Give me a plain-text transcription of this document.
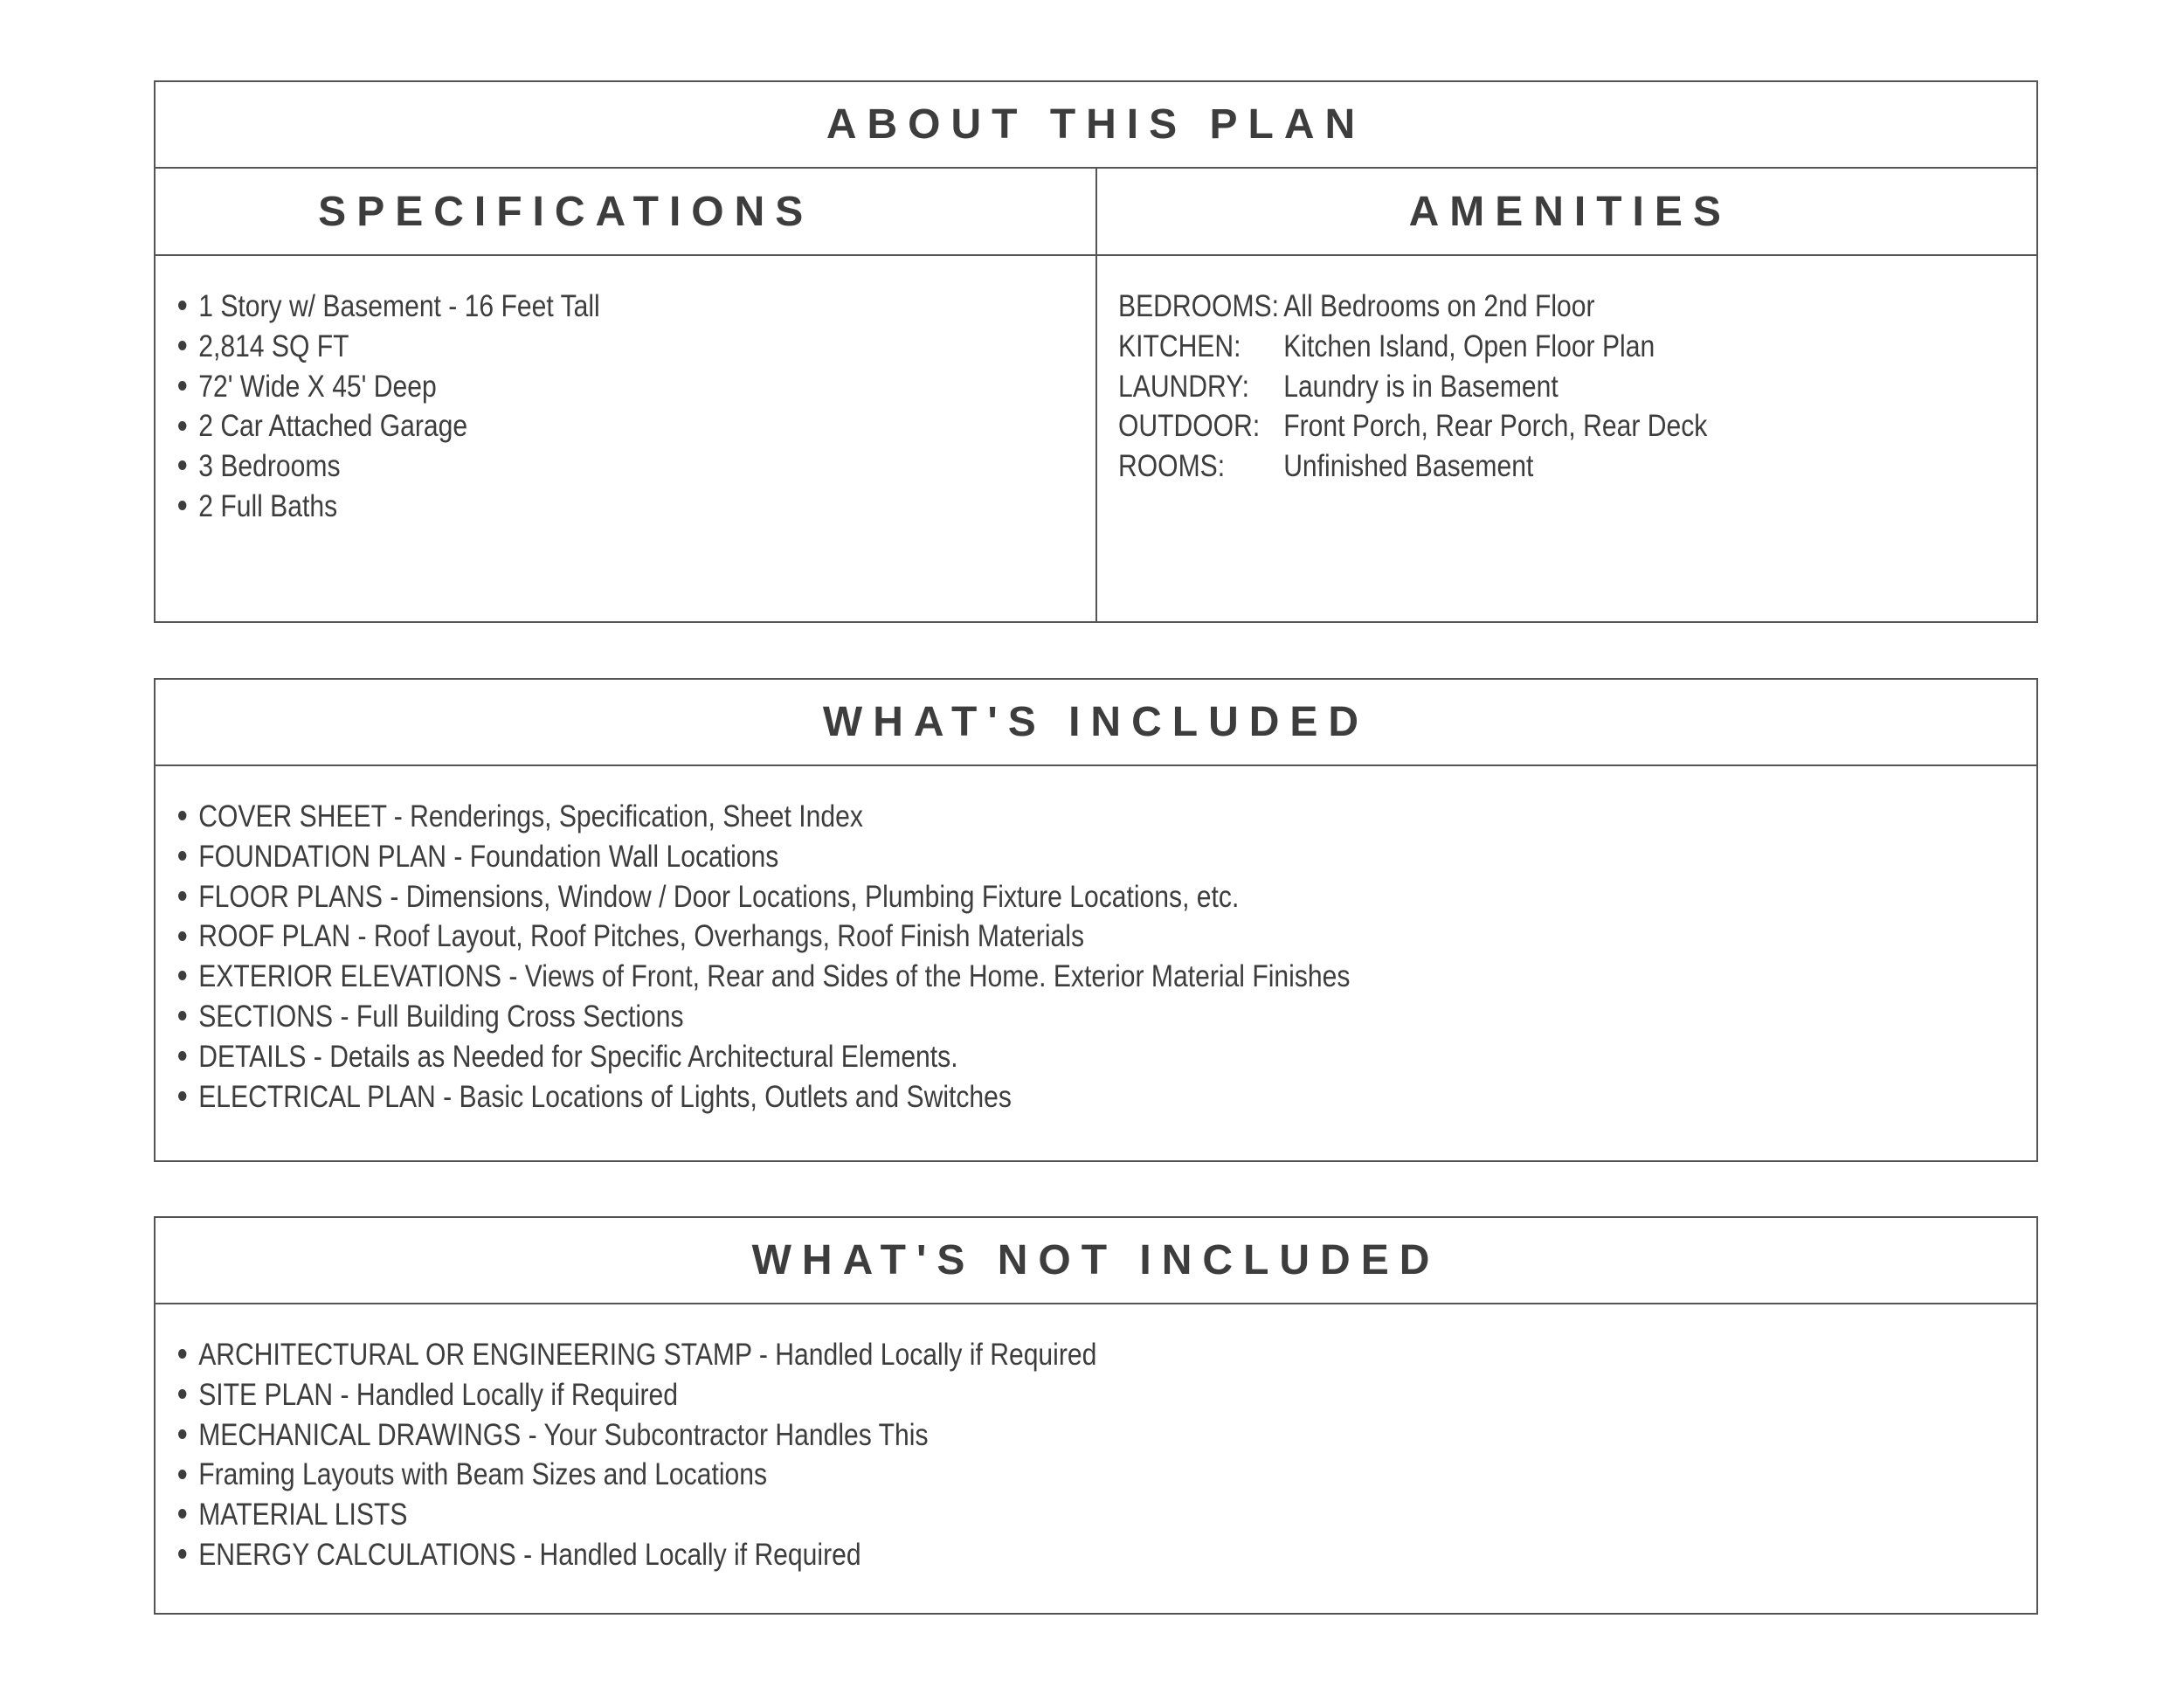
ABOUT THIS PLAN
SPECIFICATIONS	AMENITIES
1 Story w/ Basement - 16 Feet Tall
2,814 SQ FT
72' Wide X 45' Deep
2 Car Attached Garage
3 Bedrooms
2 Full Baths
BEDROOMS: All Bedrooms on 2nd Floor
KITCHEN: Kitchen Island, Open Floor Plan
LAUNDRY: Laundry is in Basement
OUTDOOR: Front Porch, Rear Porch, Rear Deck
ROOMS: Unfinished Basement
WHAT'S INCLUDED
COVER SHEET - Renderings, Specification, Sheet Index
FOUNDATION PLAN - Foundation Wall Locations
FLOOR PLANS - Dimensions, Window / Door Locations, Plumbing Fixture Locations, etc.
ROOF PLAN - Roof Layout, Roof Pitches, Overhangs, Roof Finish Materials
EXTERIOR ELEVATIONS - Views of Front, Rear and Sides of the Home. Exterior Material Finishes
SECTIONS - Full Building Cross Sections
DETAILS - Details as Needed for Specific Architectural Elements.
ELECTRICAL PLAN - Basic Locations of Lights, Outlets and Switches
WHAT'S NOT INCLUDED
ARCHITECTURAL OR ENGINEERING STAMP - Handled Locally if Required
SITE PLAN - Handled Locally if Required
MECHANICAL DRAWINGS - Your Subcontractor Handles This
Framing Layouts with Beam Sizes and Locations
MATERIAL LISTS
ENERGY CALCULATIONS - Handled Locally if Required
